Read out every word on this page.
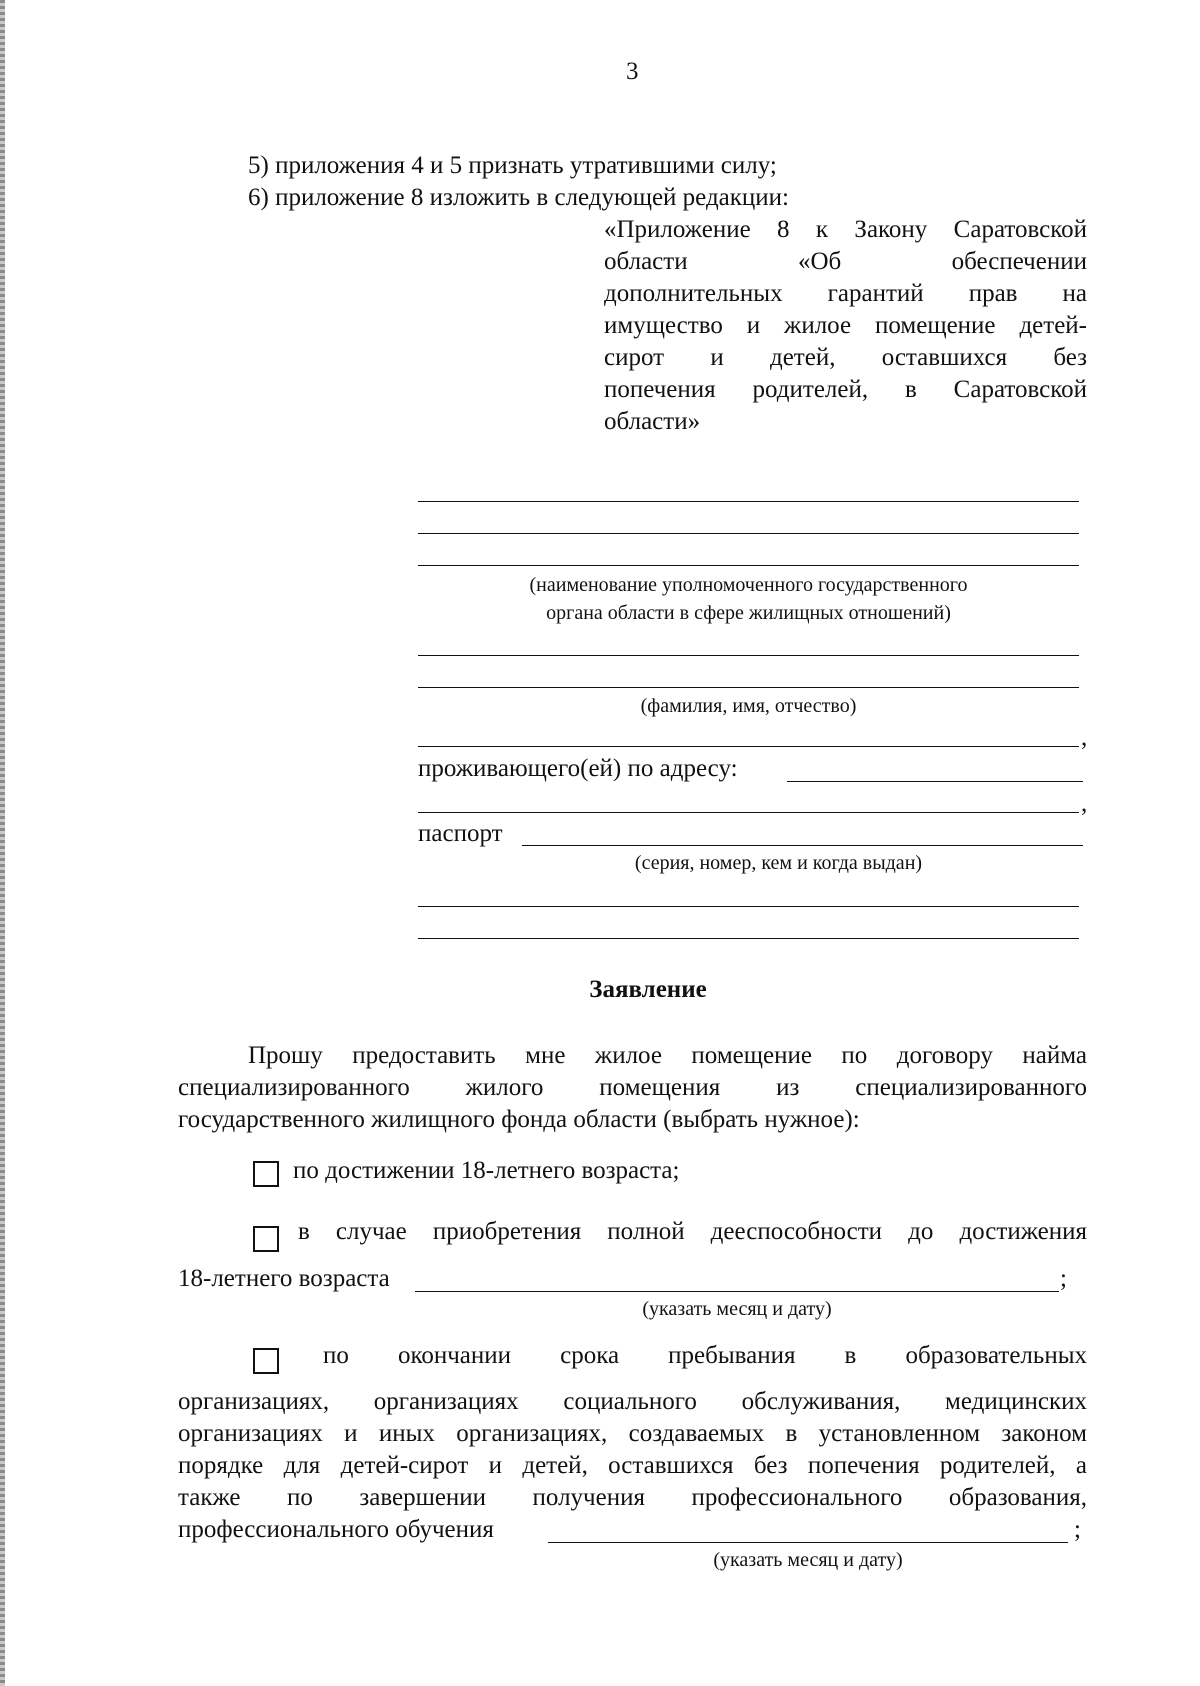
3
5) приложения 4 и 5 признать утратившими силу;
6) приложение 8 изложить в следующей редакции:
«Приложение 8 к Закону Саратовской
области «Об обеспечении
дополнительных гарантий прав на
имущество и жилое помещение детей-
сирот и детей, оставшихся без
попечения родителей, в Саратовской
области»
(наименование уполномоченного государственного
органа области в сфере жилищных отношений)
(фамилия, имя, отчество)
,
проживающего(ей) по адресу:
,
паспорт
(серия, номер, кем и когда выдан)
Заявление
Прошу предоставить мне жилое помещение по договору найма
специализированного жилого помещения из специализированного
государственного жилищного фонда области (выбрать нужное):
по достижении 18-летнего возраста;
в случае приобретения полной дееспособности до достижения
18-летнего возраста	;
(указать месяц и дату)
по окончании срока пребывания в образовательных
организациях, организациях социального обслуживания, медицинских
организациях и иных организациях, создаваемых в установленном законом
порядке для детей-сирот и детей, оставшихся без попечения родителей, а
также по завершении получения профессионального образования,
профессионального обучения	;
(указать месяц и дату)
